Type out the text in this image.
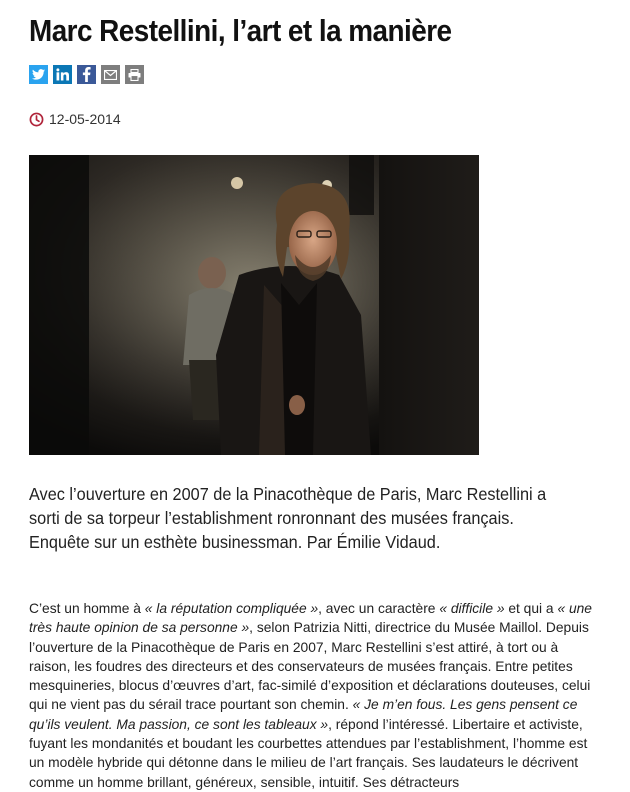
Marc Restellini, l’art et la manière
12-05-2014

Avec l’ouverture en 2007 de la Pinacothèque de Paris, Marc Restellini a sorti de sa torpeur l’establishment ronronnant des musées français. Enquête sur un esthète businessman. Par Émilie Vidaud.

C’est un homme à « la réputation compliquée », avec un caractère « difficile » et qui a « une très haute opinion de sa personne », selon Patrizia Nitti, directrice du Musée Maillol. Depuis l’ouverture de la Pinacothèque de Paris en 2007, Marc Restellini s’est attiré, à tort ou à raison, les foudres des directeurs et des conservateurs de musées français. Entre petites mesquineries, blocus d’œuvres d’art, fac-similé d’exposition et déclarations douteuses, celui qui ne vient pas du sérail trace pourtant son chemin. « Je m’en fous. Les gens pensent ce qu’ils veulent. Ma passion, ce sont les tableaux », répond l’intéressé. Libertaire et activiste, fuyant les mondanités et boudant les courbettes attendues par l’establishment, l’homme est un modèle hybride qui détonne dans le milieu de l’art français. Ses laudateurs le décrivent comme un homme brillant, généreux, sensible, intuitif. Ses détracteurs
